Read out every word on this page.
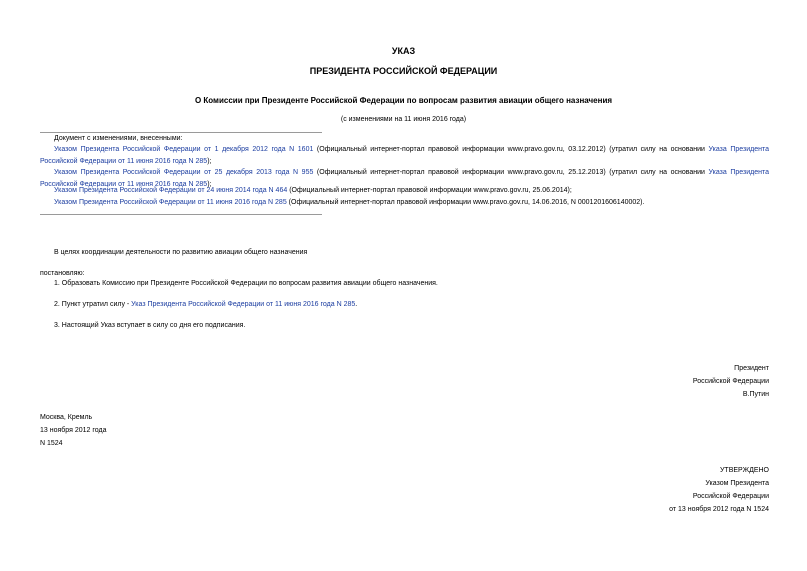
УКАЗ
ПРЕЗИДЕНТА РОССИЙСКОЙ ФЕДЕРАЦИИ
О Комиссии при Президенте Российской Федерации по вопросам развития авиации общего назначения
(с изменениями на 11 июня 2016 года)
Документ с изменениями, внесенными:
Указом Президента Российской Федерации от 1 декабря 2012 года N 1601 (Официальный интернет-портал правовой информации www.pravo.gov.ru, 03.12.2012) (утратил силу на основании Указа Президента Российской Федерации от 11 июня 2016 года N 285);
Указом Президента Российской Федерации от 25 декабря 2013 года N 955 (Официальный интернет-портал правовой информации www.pravo.gov.ru, 25.12.2013) (утратил силу на основании Указа Президента Российской Федерации от 11 июня 2016 года N 285);
Указом Президента Российской Федерации от 24 июня 2014 года N 464 (Официальный интернет-портал правовой информации www.pravo.gov.ru, 25.06.2014);
Указом Президента Российской Федерации от 11 июня 2016 года N 285 (Официальный интернет-портал правовой информации www.pravo.gov.ru, 14.06.2016, N 0001201606140002).
В целях координации деятельности по развитию авиации общего назначения
постановляю:
1. Образовать Комиссию при Президенте Российской Федерации по вопросам развития авиации общего назначения.
2. Пункт утратил силу - Указ Президента Российской Федерации от 11 июня 2016 года N 285.
3. Настоящий Указ вступает в силу со дня его подписания.
Президент
Российской Федерации
В.Путин
Москва, Кремль
13 ноября 2012 года
N 1524
УТВЕРЖДЕНО
Указом Президента
Российской Федерации
от 13 ноября 2012 года N 1524
